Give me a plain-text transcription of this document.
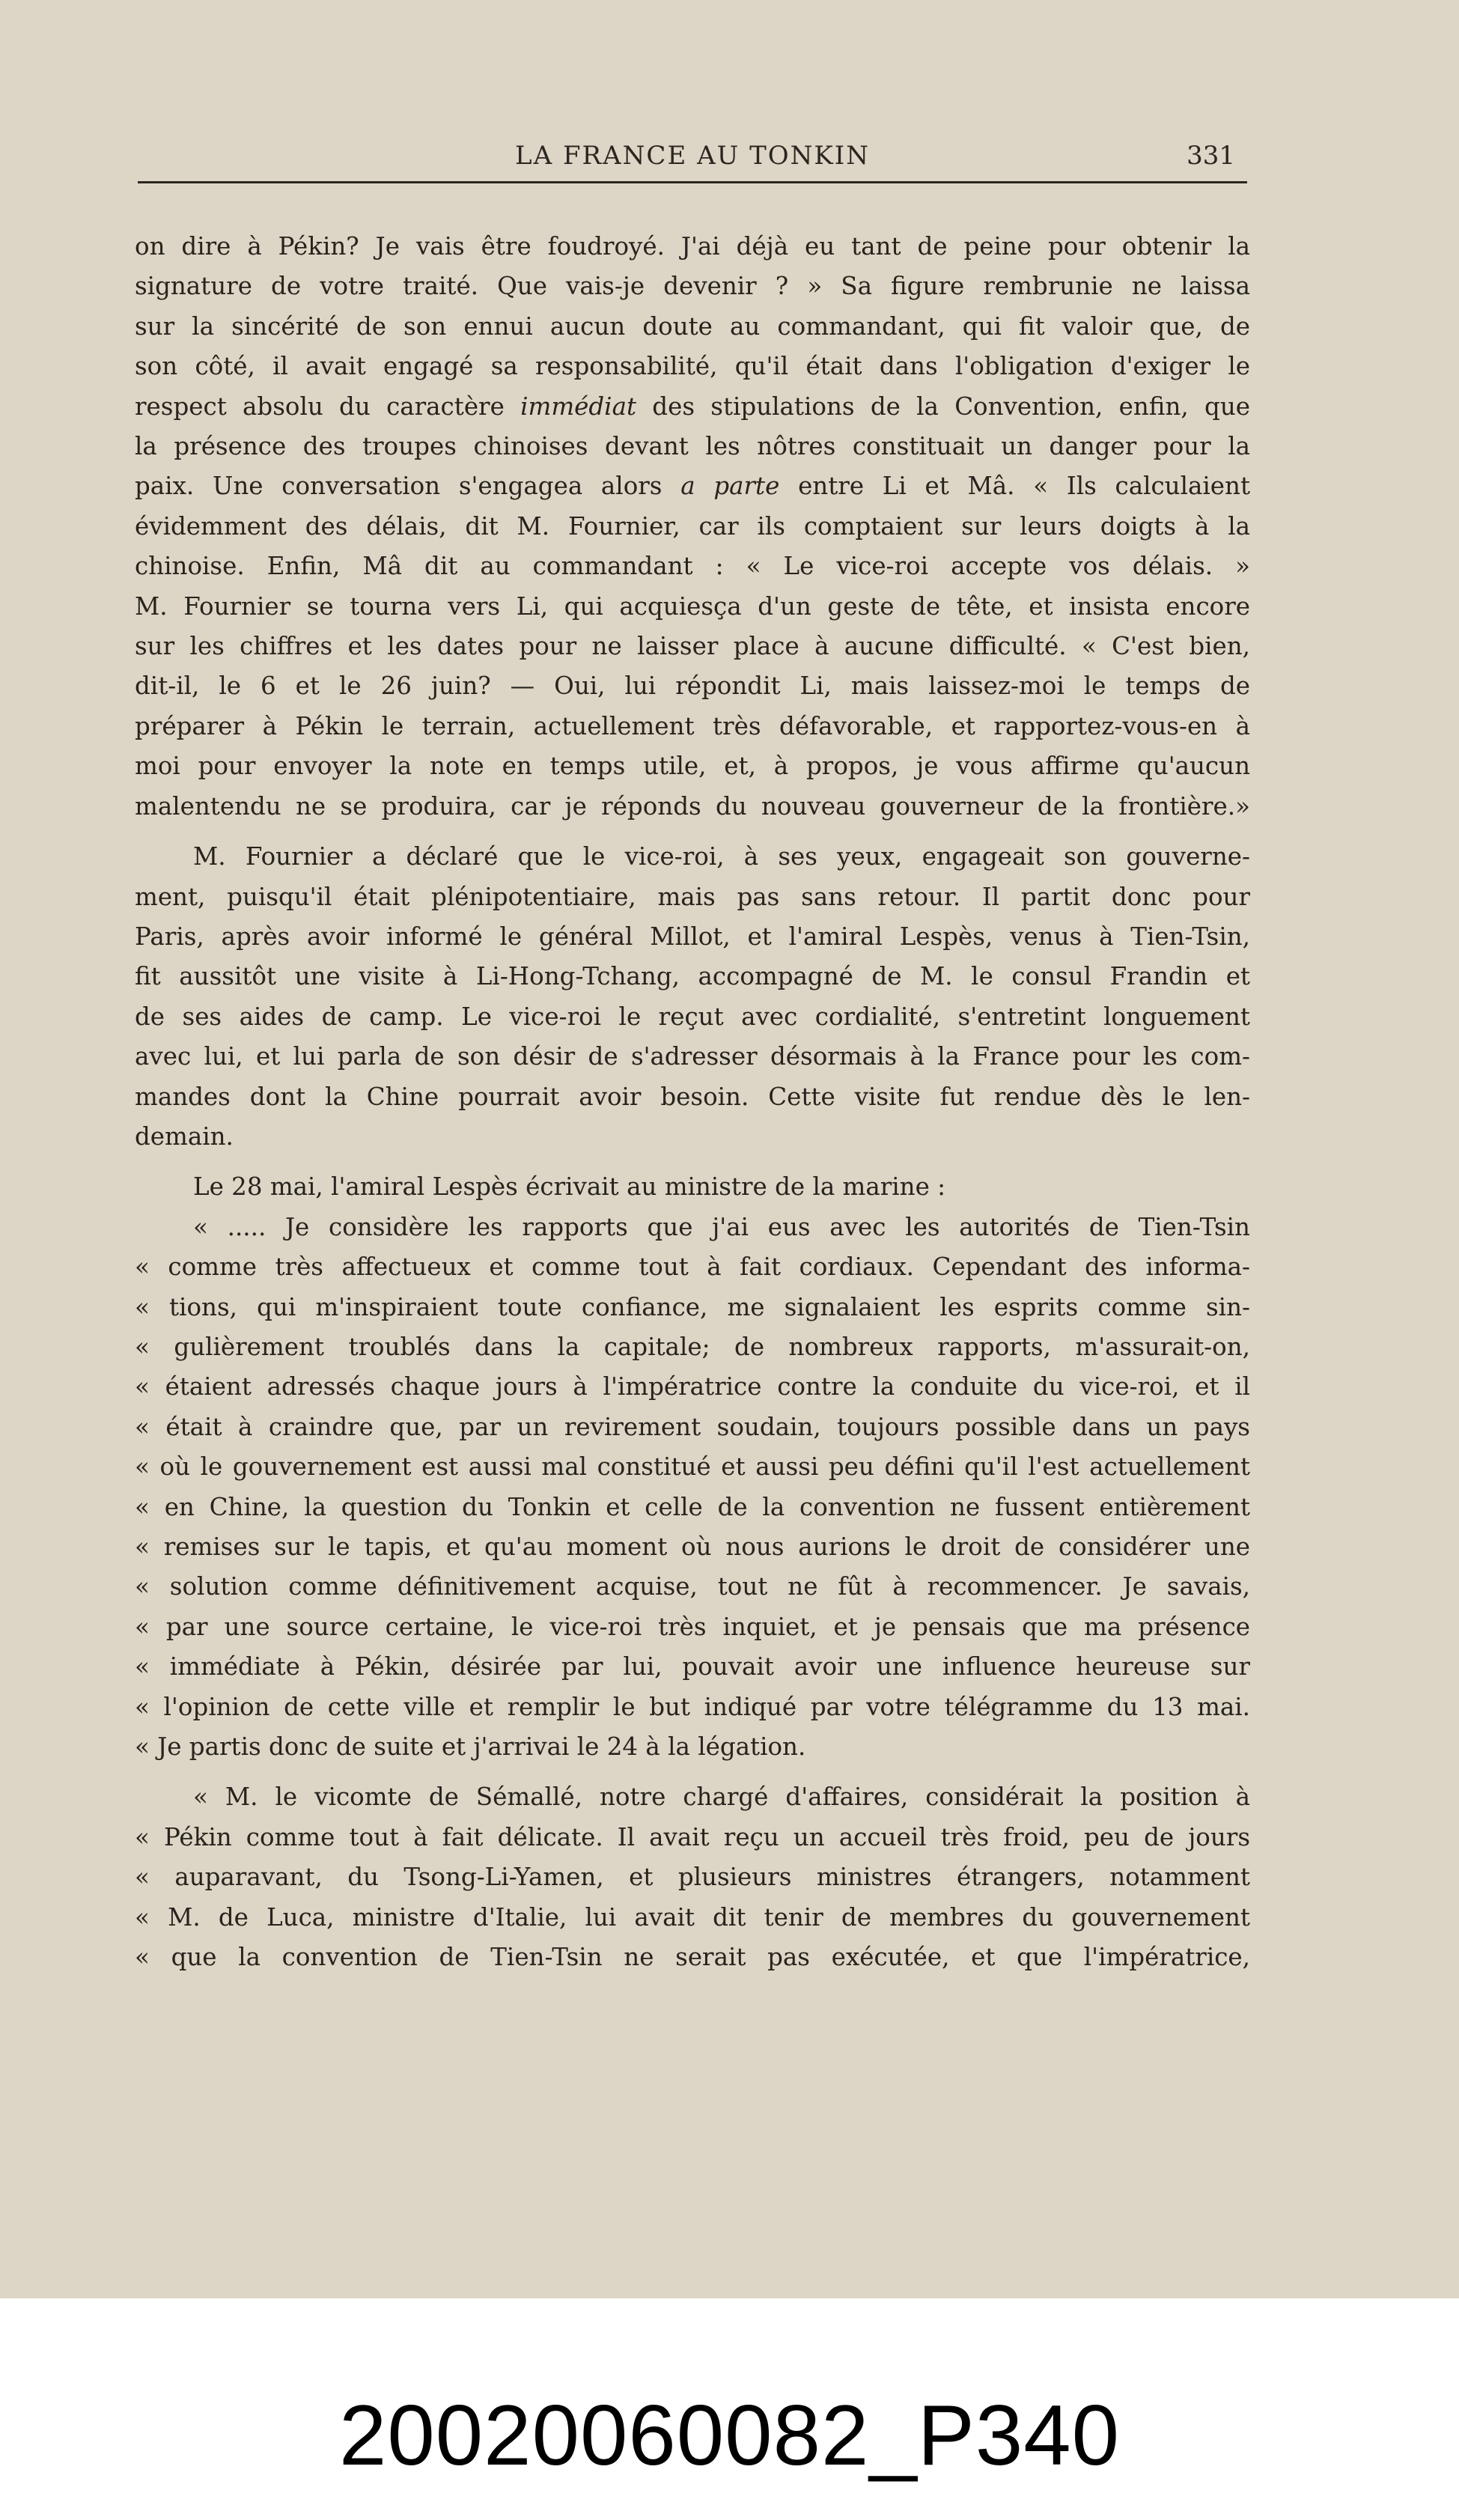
LA FRANCE AU TONKIN	331
on dire à Pékin? Je vais être foudroyé. J'ai déjà eu tant de peine pour obtenir la
signature de votre traité. Que vais-je devenir ? » Sa figure rembrunie ne laissa
sur la sincérité de son ennui aucun doute au commandant, qui fit valoir que, de
son côté, il avait engagé sa responsabilité, qu'il était dans l'obligation d'exiger le
respect absolu du caractère immédiat des stipulations de la Convention, enfin, que
la présence des troupes chinoises devant les nôtres constituait un danger pour la
paix. Une conversation s'engagea alors a parte entre Li et Mâ. « Ils calculaient
évidemment des délais, dit M. Fournier, car ils comptaient sur leurs doigts à la
chinoise. Enfin, Mâ dit au commandant : « Le vice-roi accepte vos délais. »
M. Fournier se tourna vers Li, qui acquiesça d'un geste de tête, et insista encore
sur les chiffres et les dates pour ne laisser place à aucune difficulté. « C'est bien,
dit-il, le 6 et le 26 juin? — Oui, lui répondit Li, mais laissez-moi le temps de
préparer à Pékin le terrain, actuellement très défavorable, et rapportez-vous-en à
moi pour envoyer la note en temps utile, et, à propos, je vous affirme qu'aucun
malentendu ne se produira, car je réponds du nouveau gouverneur de la frontière.»
M. Fournier a déclaré que le vice-roi, à ses yeux, engageait son gouverne-
ment, puisqu'il était plénipotentiaire, mais pas sans retour. Il partit donc pour
Paris, après avoir informé le général Millot, et l'amiral Lespès, venus à Tien-Tsin,
fit aussitôt une visite à Li-Hong-Tchang, accompagné de M. le consul Frandin et
de ses aides de camp. Le vice-roi le reçut avec cordialité, s'entretint longuement
avec lui, et lui parla de son désir de s'adresser désormais à la France pour les com-
mandes dont la Chine pourrait avoir besoin. Cette visite fut rendue dès le len-
demain.
Le 28 mai, l'amiral Lespès écrivait au ministre de la marine :
« ..... Je considère les rapports que j'ai eus avec les autorités de Tien-Tsin
« comme très affectueux et comme tout à fait cordiaux. Cependant des informa-
« tions, qui m'inspiraient toute confiance, me signalaient les esprits comme sin-
« gulièrement troublés dans la capitale; de nombreux rapports, m'assurait-on,
« étaient adressés chaque jours à l'impératrice contre la conduite du vice-roi, et il
« était à craindre que, par un revirement soudain, toujours possible dans un pays
« où le gouvernement est aussi mal constitué et aussi peu défini qu'il l'est actuellement
« en Chine, la question du Tonkin et celle de la convention ne fussent entièrement
« remises sur le tapis, et qu'au moment où nous aurions le droit de considérer une
« solution comme définitivement acquise, tout ne fût à recommencer. Je savais,
« par une source certaine, le vice-roi très inquiet, et je pensais que ma présence
« immédiate à Pékin, désirée par lui, pouvait avoir une influence heureuse sur
« l'opinion de cette ville et remplir le but indiqué par votre télégramme du 13 mai.
« Je partis donc de suite et j'arrivai le 24 à la légation.
« M. le vicomte de Sémallé, notre chargé d'affaires, considérait la position à
« Pékin comme tout à fait délicate. Il avait reçu un accueil très froid, peu de jours
« auparavant, du Tsong-Li-Yamen, et plusieurs ministres étrangers, notamment
« M. de Luca, ministre d'Italie, lui avait dit tenir de membres du gouvernement
« que la convention de Tien-Tsin ne serait pas exécutée, et que l'impératrice,
20020060082_P340
